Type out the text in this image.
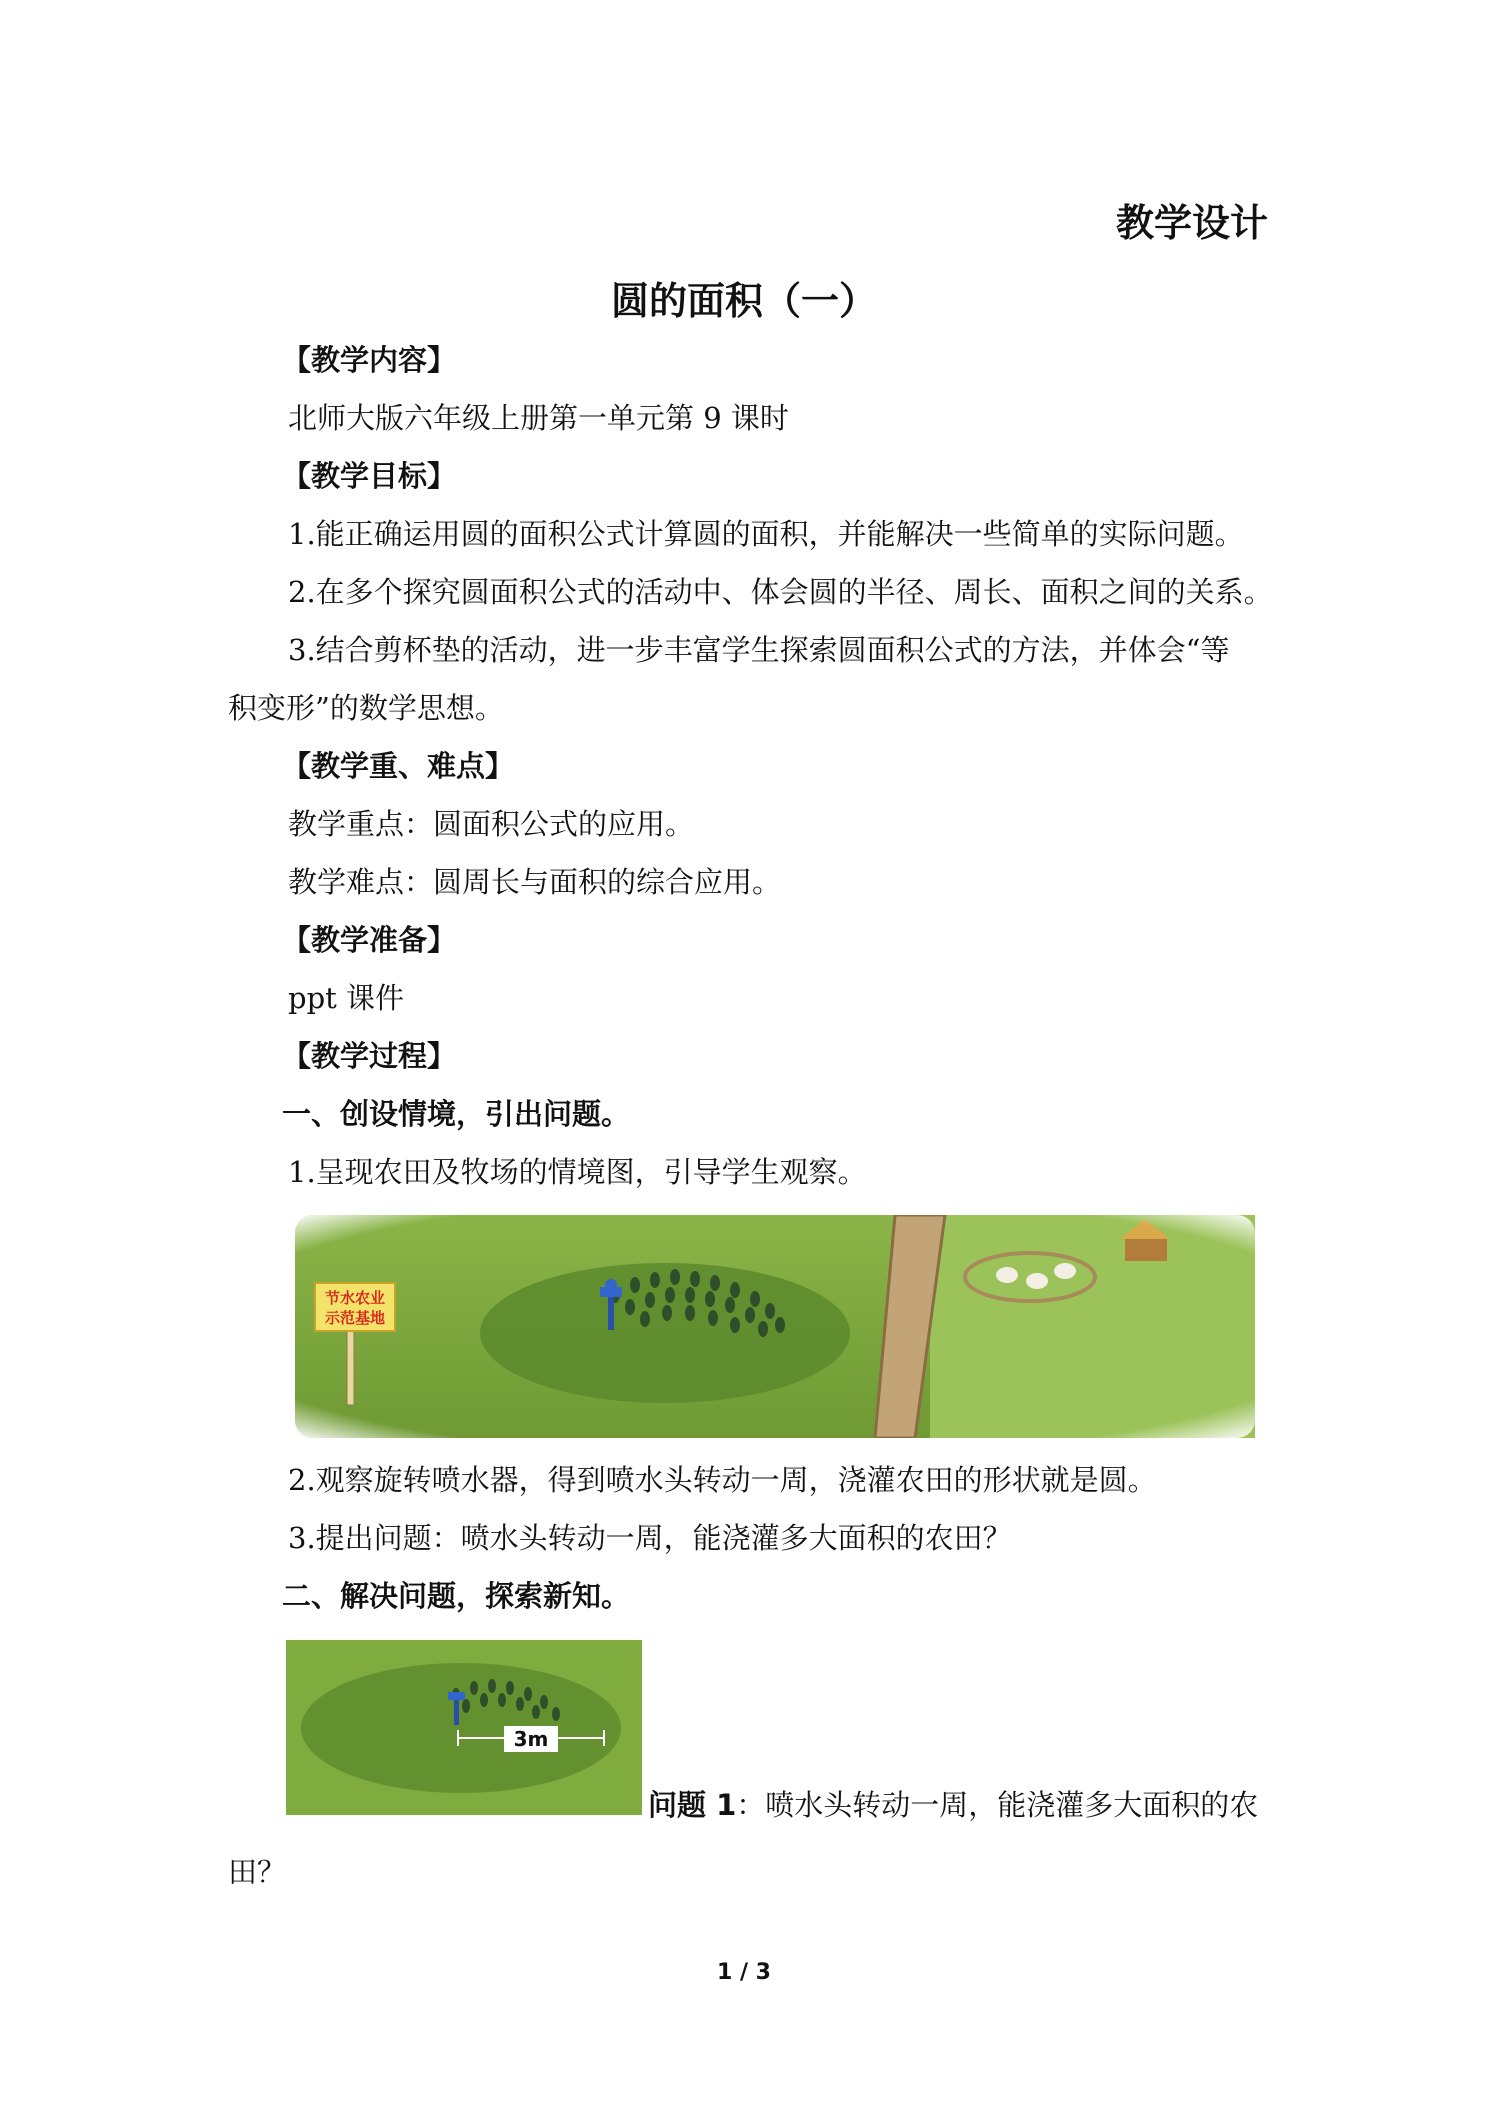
教学设计
圆的面积（一）
【教学内容】
北师大版六年级上册第一单元第 9 课时
【教学目标】
1.能正确运用圆的面积公式计算圆的面积，并能解决一些简单的实际问题。
2.在多个探究圆面积公式的活动中、体会圆的半径、周长、面积之间的关系。
3.结合剪杯垫的活动，进一步丰富学生探索圆面积公式的方法，并体会“等
积变形”的数学思想。
【教学重、难点】
教学重点：圆面积公式的应用。
教学难点：圆周长与面积的综合应用。
【教学准备】
ppt 课件
【教学过程】
一、创设情境，引出问题。
1.呈现农田及牧场的情境图，引导学生观察。
2.观察旋转喷水器，得到喷水头转动一周，浇灌农田的形状就是圆。
3.提出问题：喷水头转动一周，能浇灌多大面积的农田？
二、解决问题，探索新知。
3m
问题 1：喷水头转动一周，能浇灌多大面积的农
田？
1 / 3
